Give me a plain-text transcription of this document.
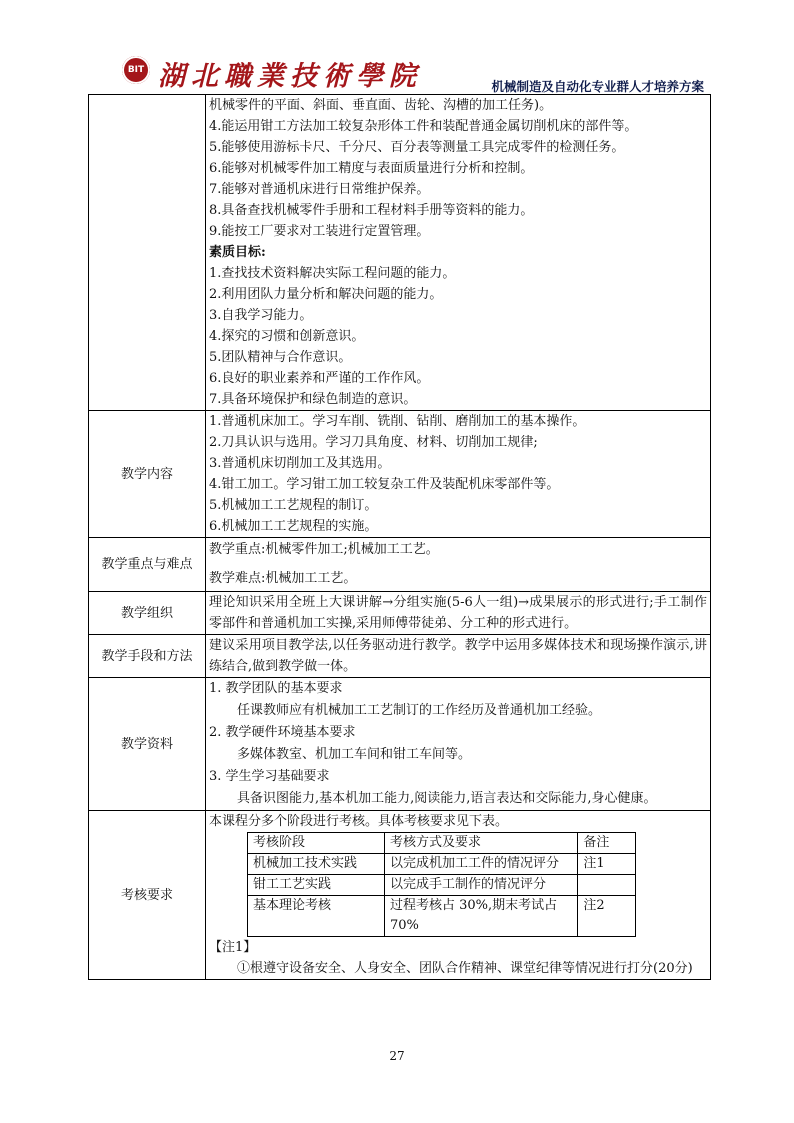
BIT 湖北職業技術學院	机械制造及自动化专业群人才培养方案

机械零件的平面、斜面、垂直面、齿轮、沟槽的加工任务)。
4.能运用钳工方法加工较复杂形体工件和装配普通金属切削机床的部件等。
5.能够使用游标卡尺、千分尺、百分表等测量工具完成零件的检测任务。
6.能够对机械零件加工精度与表面质量进行分析和控制。
7.能够对普通机床进行日常维护保养。
8.具备查找机械零件手册和工程材料手册等资料的能力。
9.能按工厂要求对工装进行定置管理。
素质目标:
1.查找技术资料解决实际工程问题的能力。
2.利用团队力量分析和解决问题的能力。
3.自我学习能力。
4.探究的习惯和创新意识。
5.团队精神与合作意识。
6.良好的职业素养和严谨的工作作风。
7.具备环境保护和绿色制造的意识。

教学内容	
1.普通机床加工。学习车削、铣削、钻削、磨削加工的基本操作。
2.刀具认识与选用。学习刀具角度、材料、切削加工规律;
3.普通机床切削加工及其选用。
4.钳工加工。学习钳工加工较复杂工件及装配机床零部件等。
5.机械加工工艺规程的制订。
6.机械加工工艺规程的实施。

教学重点与难点	
教学重点:机械零件加工;机械加工工艺。
教学难点:机械加工工艺。

教学组织	理论知识采用全班上大课讲解→分组实施(5-6人一组)→成果展示的形式进行;手工制作零部件和普通机加工实操,采用师傅带徒弟、分工种的形式进行。
教学手段和方法	建议采用项目教学法,以任务驱动进行教学。教学中运用多媒体技术和现场操作演示,讲练结合,做到教学做一体。
教学资料	
1. 教学团队的基本要求
任课教师应有机械加工工艺制订的工作经历及普通机加工经验。
2. 教学硬件环境基本要求
多媒体教室、机加工车间和钳工车间等。
3. 学生学习基础要求
具备识图能力,基本机加工能力,阅读能力,语言表达和交际能力,身心健康。

考核要求	
本课程分多个阶段进行考核。具体考核要求见下表。
考核阶段	考核方式及要求	备注
机械加工技术实践	以完成机加工工件的情况评分	注1
钳工工艺实践	以完成手工制作的情况评分	
基本理论考核	过程考核占 30%,期末考试占70%	注2
【注1】
①根遵守设备安全、人身安全、团队合作精神、课堂纪律等情况进行打分(20分)
27
